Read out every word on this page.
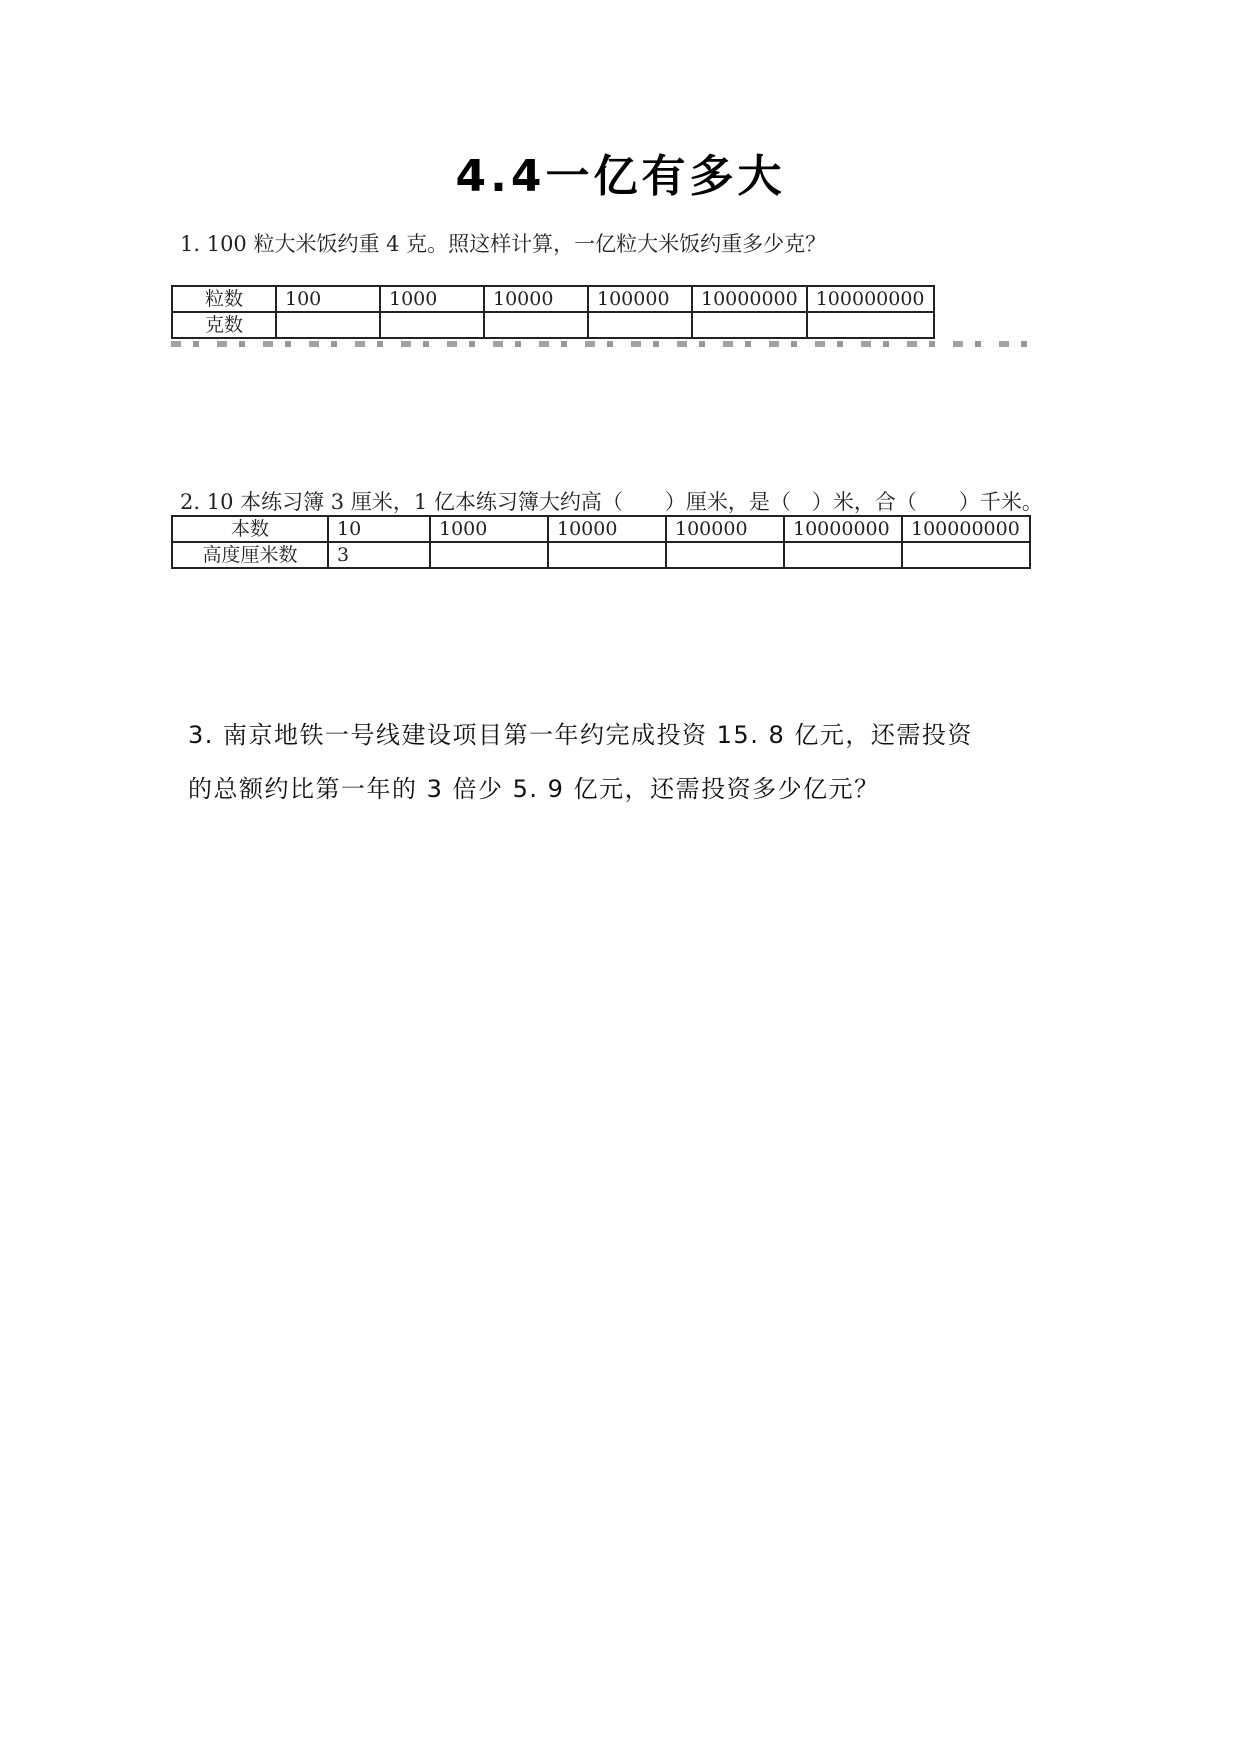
4.4一亿有多大
1. 100 粒大米饭约重 4 克。照这样计算，一亿粒大米饭约重多少克？
粒数	100	1000	10000	100000	10000000	100000000
克数						
2. 10 本练习簿 3 厘米，1 亿本练习簿大约高（　　）厘米，是（　）米，合（　　）千米。
本数	10	1000	10000	100000	10000000	100000000
高度厘米数	3					
3. 南京地铁一号线建设项目第一年约完成投资 15. 8 亿元，还需投资
的总额约比第一年的 3 倍少 5. 9 亿元，还需投资多少亿元？
